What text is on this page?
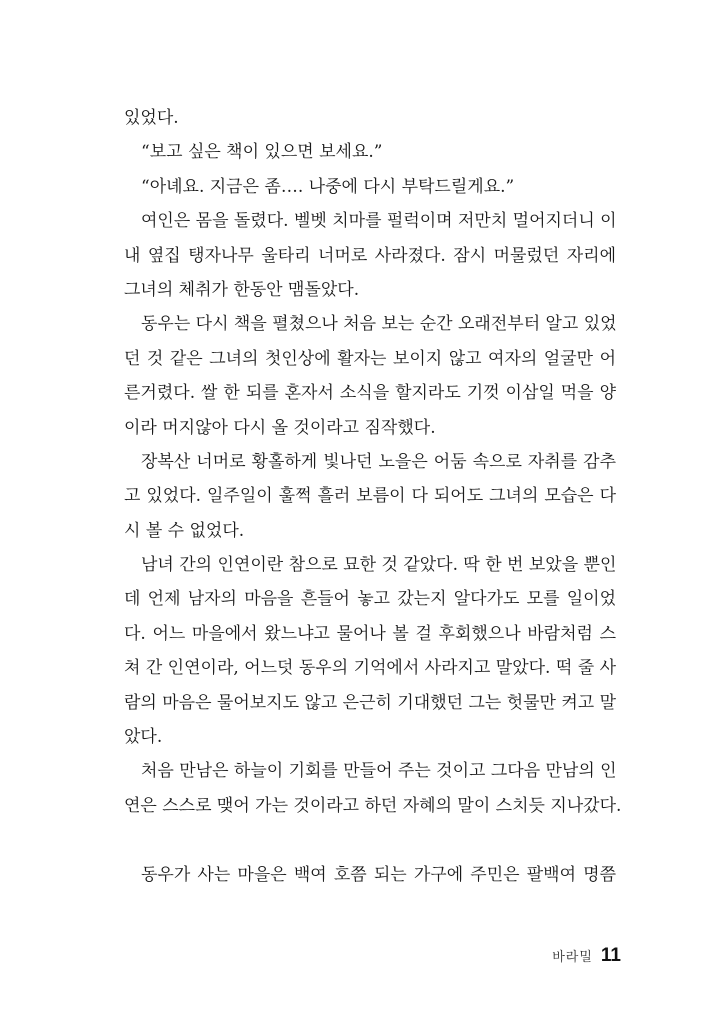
있었다.
“보고 싶은 책이 있으면 보세요.”
“아녜요. 지금은 좀…. 나중에 다시 부탁드릴게요.”
여인은 몸을 돌렸다. 벨벳 치마를 펄럭이며 저만치 멀어지더니 이
내 옆집 탱자나무 울타리 너머로 사라졌다. 잠시 머물렀던 자리에
그녀의 체취가 한동안 맴돌았다.
동우는 다시 책을 펼쳤으나 처음 보는 순간 오래전부터 알고 있었
던 것 같은 그녀의 첫인상에 활자는 보이지 않고 여자의 얼굴만 어
른거렸다. 쌀 한 되를 혼자서 소식을 할지라도 기껏 이삼일 먹을 양
이라 머지않아 다시 올 것이라고 짐작했다.
장복산 너머로 황홀하게 빛나던 노을은 어둠 속으로 자취를 감추
고 있었다. 일주일이 훌쩍 흘러 보름이 다 되어도 그녀의 모습은 다
시 볼 수 없었다.
남녀 간의 인연이란 참으로 묘한 것 같았다. 딱 한 번 보았을 뿐인
데 언제 남자의 마음을 흔들어 놓고 갔는지 알다가도 모를 일이었
다. 어느 마을에서 왔느냐고 물어나 볼 걸 후회했으나 바람처럼 스
쳐 간 인연이라, 어느덧 동우의 기억에서 사라지고 말았다. 떡 줄 사
람의 마음은 물어보지도 않고 은근히 기대했던 그는 헛물만 켜고 말
았다.
처음 만남은 하늘이 기회를 만들어 주는 것이고 그다음 만남의 인
연은 스스로 맺어 가는 것이라고 하던 자혜의 말이 스치듯 지나갔다.
동우가 사는 마을은 백여 호쯤 되는 가구에 주민은 팔백여 명쯤
바라밀 11
